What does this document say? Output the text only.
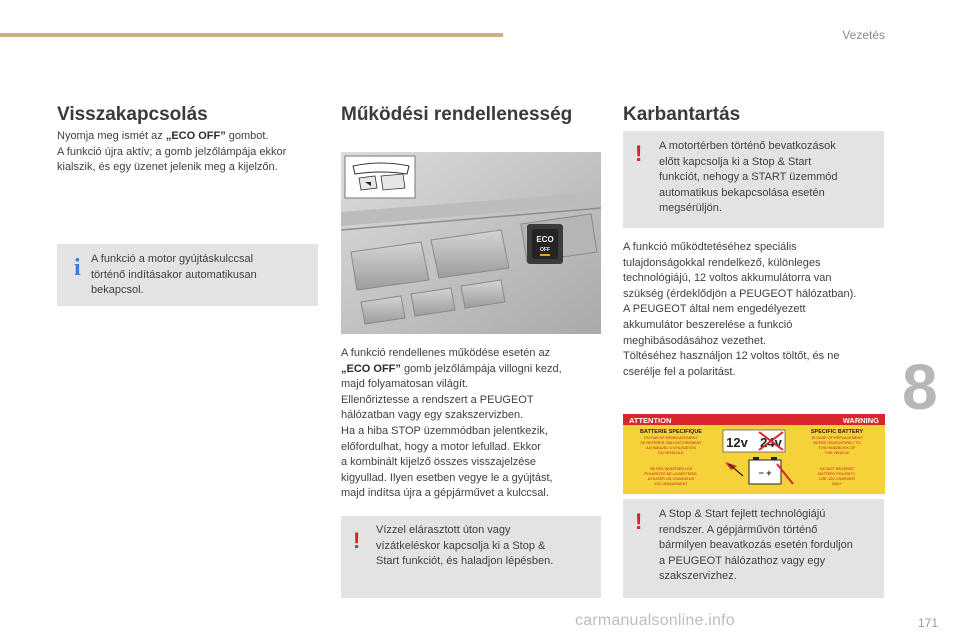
Vezetés
8
171
carmanualsonline.info
Visszakapcsolás
Nyomja meg ismét az „ECO OFF” gombot.
A funkció újra aktív; a gomb jelzőlámpája ekkor
kialszik, és egy üzenet jelenik meg a kijelzőn.
i A funkció a motor gyújtáskulccsal
történő indításakor automatikusan
bekapcsol.
Működési rendellenesség
ECO
OFF
A funkció rendellenes működése esetén az
„ECO OFF” gomb jelzőlámpája villogni kezd,
majd folyamatosan világít.
Ellenőriztesse a rendszert a PEUGEOT
hálózatban vagy egy szakszervizben.
Ha a hiba STOP üzemmódban jelentkezik,
előfordulhat, hogy a motor lefullad. Ekkor
a kombinált kijelző összes visszajelzése
kigyullad. Ilyen esetben vegye le a gyújtást,
majd indítsa újra a gépjárművet a kulccsal.
!	Vízzel elárasztott úton vagy
vízátkeléskor kapcsolja ki a Stop &
Start funkciót, és haladjon lépésben.
Karbantartás
!	A motortérben történő bevatkozások
előtt kapcsolja ki a Stop & Start
funkciót, nehogy a START üzemmód
automatikus bekapcsolása esetén
megsérüljön.
A funkció működtetéséhez speciális
tulajdonságokkal rendelkező, különleges
technológiájú, 12 voltos akkumulátorra van
szükség (érdeklődjön a PEUGEOT hálózatban).
A PEUGEOT által nem engedélyezett
akkumulátor beszerelése a funkció
meghibásodásához vezethet.
Töltéséhez használjon 12 voltos töltőt, és ne
cserélje fel a polaritást.
ATTENTION	WARNING
BATTERIE SPECIFIQUE
EN CAS DE REMPLACEMENT
SE REFERER OBLIGATOIREMENT
AU MANUEL D'UTILISATION
DU VEHICULE
SPECIFIC BATTERY
IN CASE OF REPLACEMENT
REFER OBLIGATORILY TO
THE HANDBOOK OF
THE VEHICLE
NE PAS INVERSER LES
POLARITES DE LA BATTERIE,
UTILISER UN CHARGEUR
12V UNIQUEMENT
DO NOT REVERSE
BATTERY POLARITY,
USE 12V CHARGER
ONLY
12v 24v
− +
!	A Stop & Start fejlett technológiájú
rendszer. A gépjárművön történő
bármilyen beavatkozás esetén forduljon
a PEUGEOT hálózathoz vagy egy
szakszervizhez.
